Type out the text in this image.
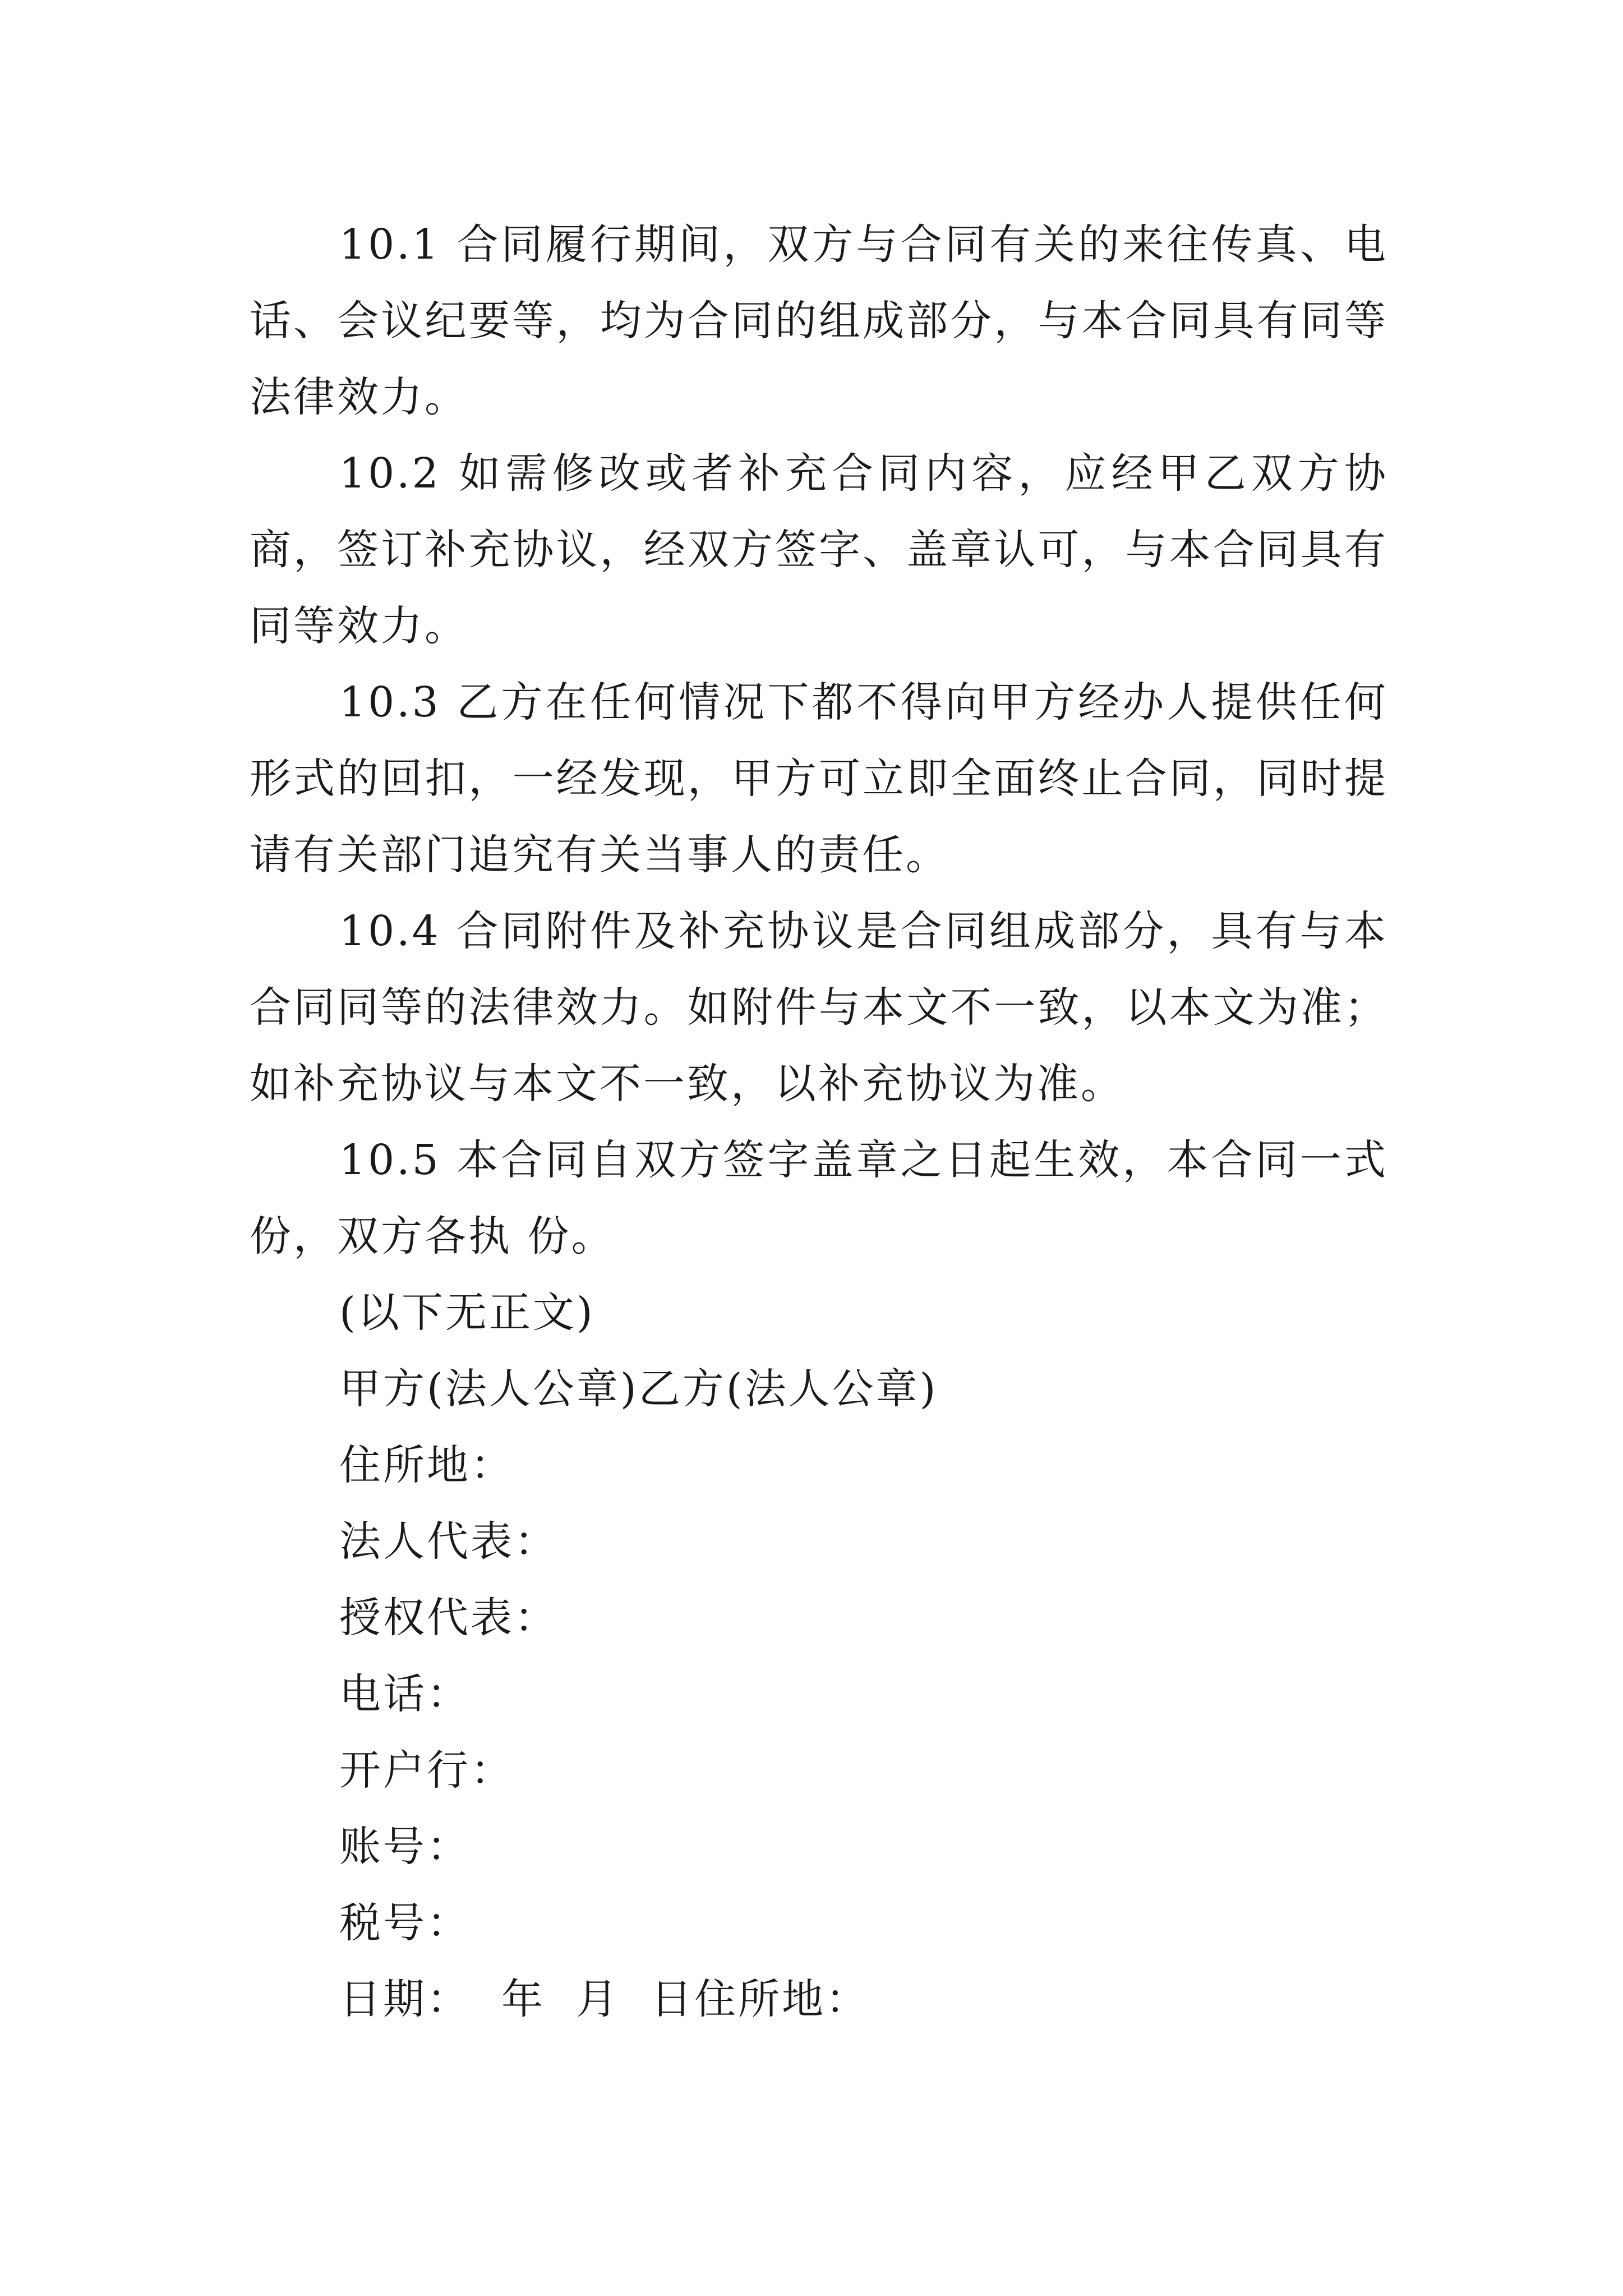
10.1 合同履行期间，双方与合同有关的来往传真、电话、会议纪要等，均为合同的组成部分，与本合同具有同等法律效力。

10.2 如需修改或者补充合同内容，应经甲乙双方协商，签订补充协议，经双方签字、盖章认可，与本合同具有同等效力。

10.3 乙方在任何情况下都不得向甲方经办人提供任何形式的回扣，一经发现，甲方可立即全面终止合同，同时提请有关部门追究有关当事人的责任。

10.4 合同附件及补充协议是合同组成部分，具有与本合同同等的法律效力。如附件与本文不一致，以本文为准；如补充协议与本文不一致，以补充协议为准。

10.5 本合同自双方签字盖章之日起生效，本合同一式 份，双方各执 份。

(以下无正文)

甲方(法人公章)乙方(法人公章)

住所地：

法人代表：

授权代表：

电话：

开户行：

账号：

税号：

日期：  年  月  日住所地：
